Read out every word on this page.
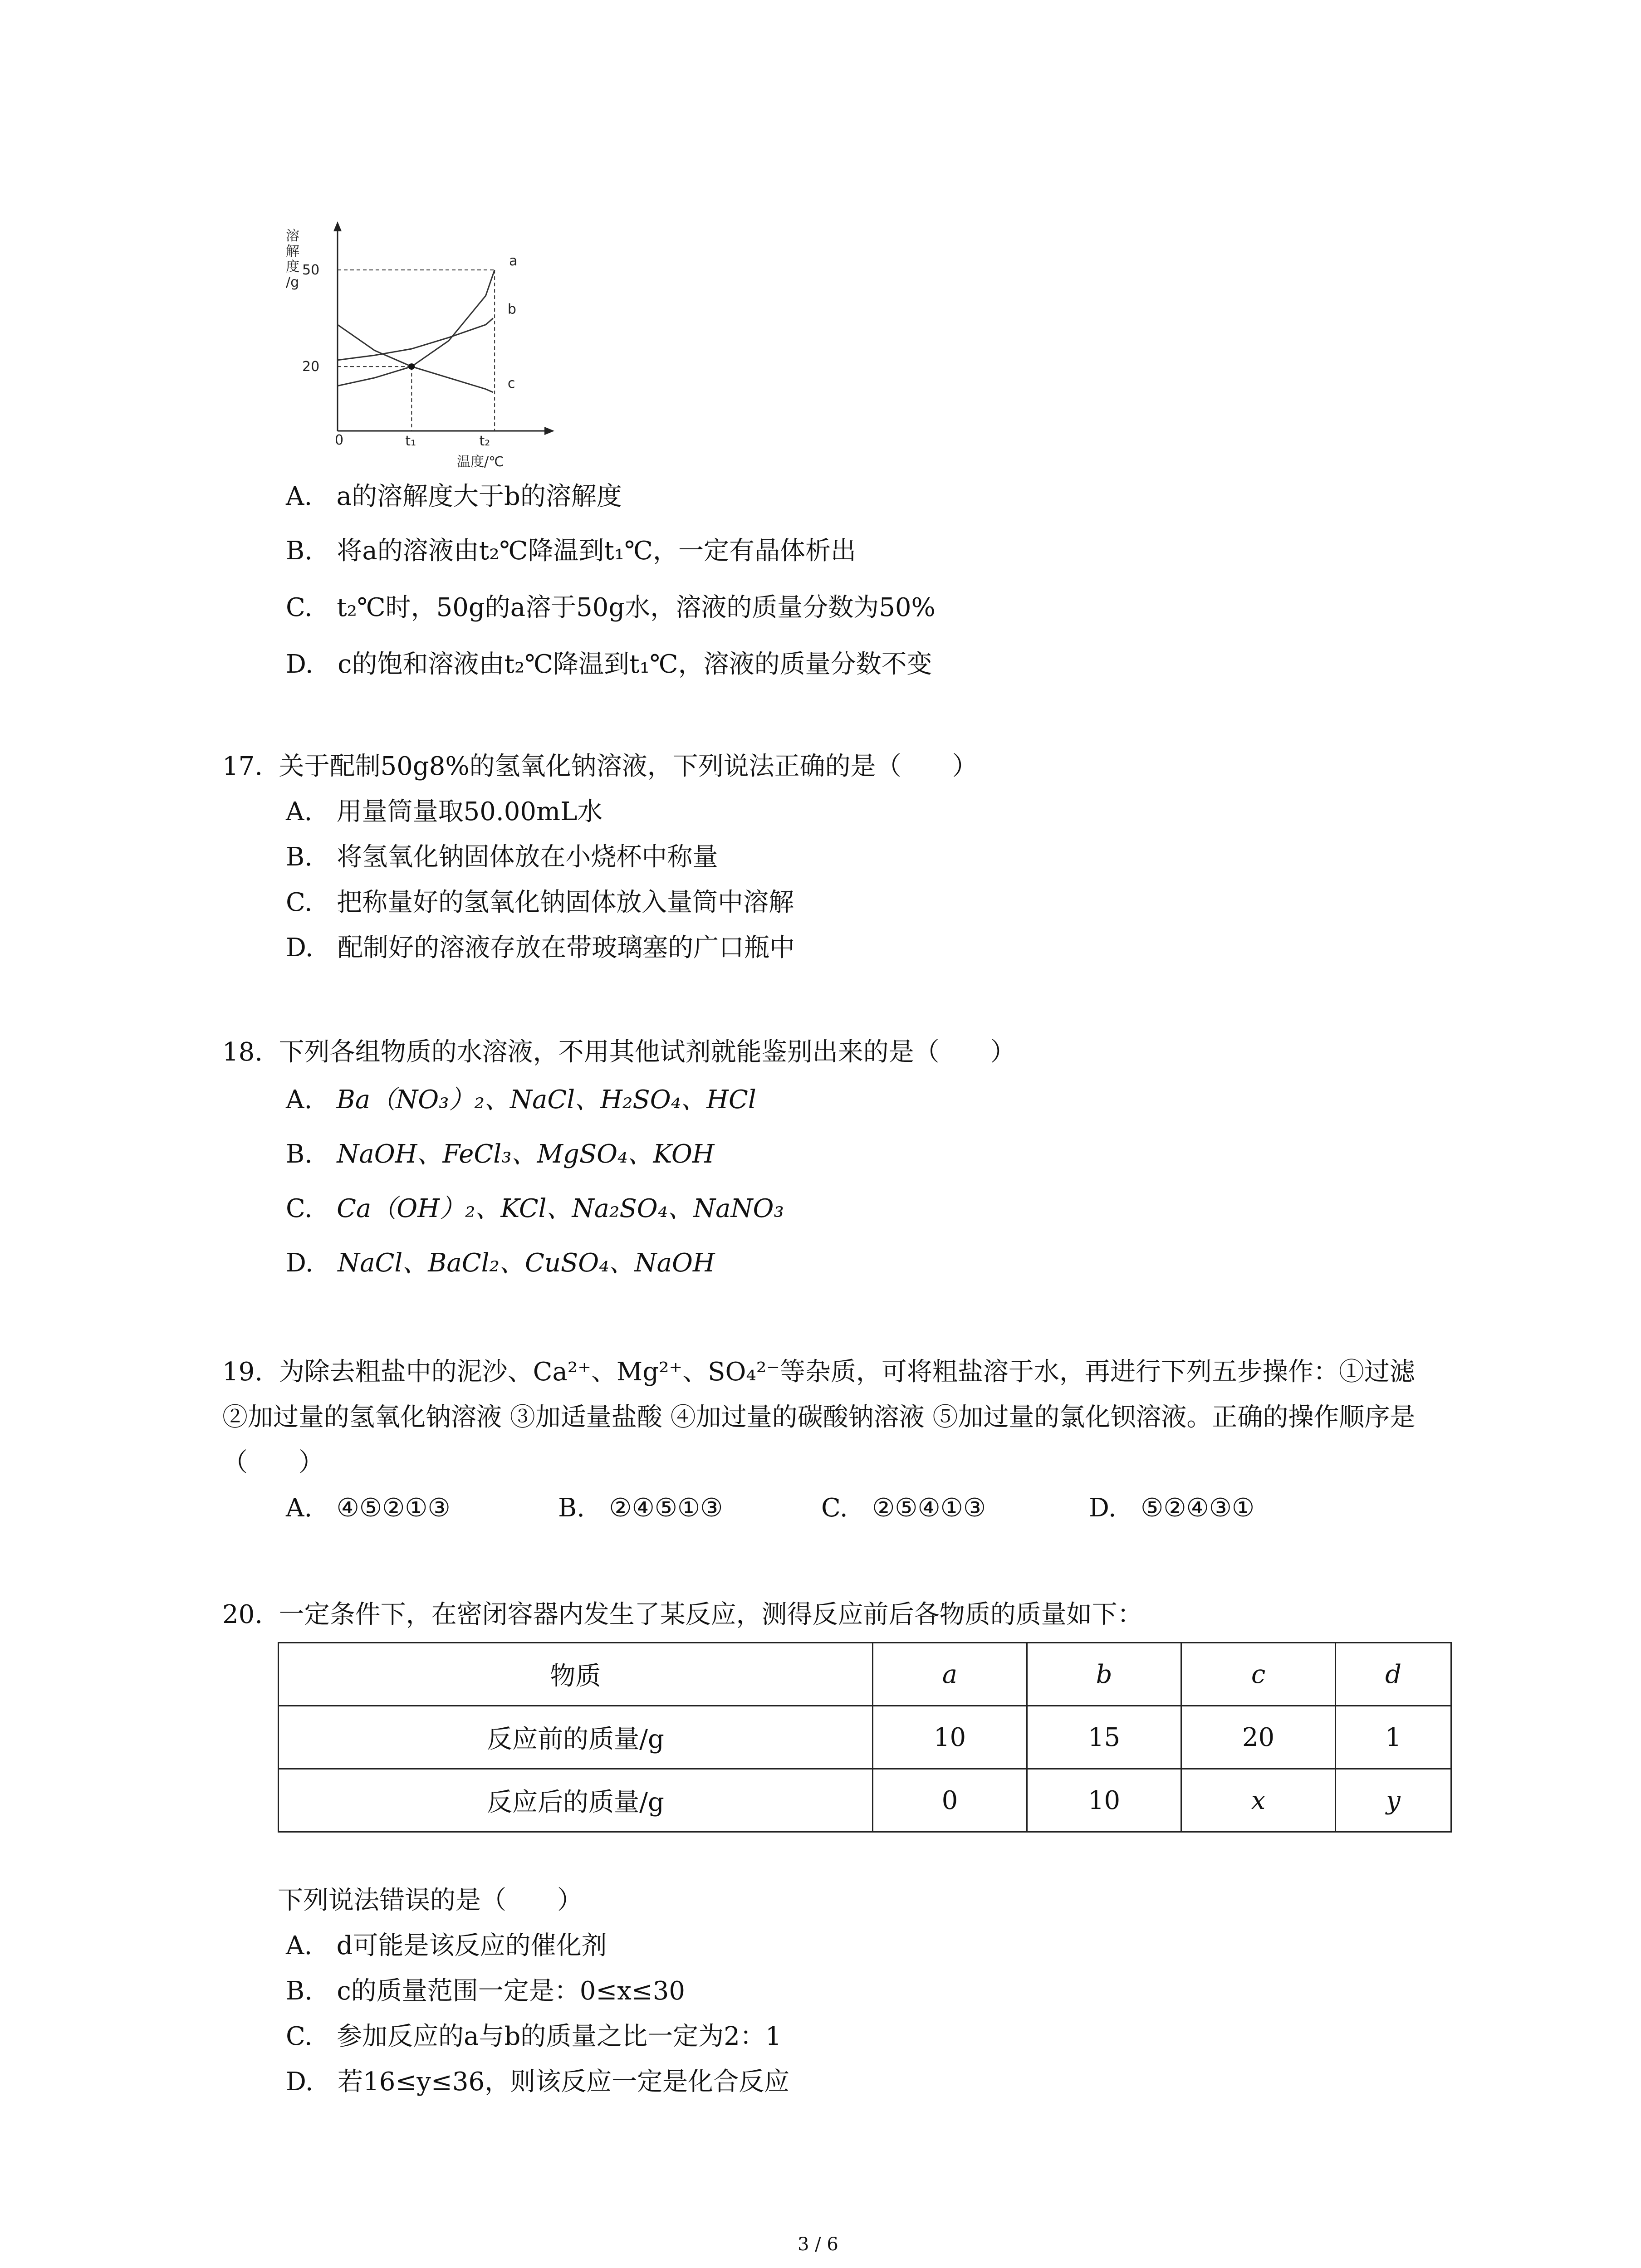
溶解度/g
温度/℃
0
20
50
t₁	t₂
a
b
c
A. a的溶解度大于b的溶解度
B. 将a的溶液由t₂℃降温到t₁℃，一定有晶体析出
C. t₂℃时，50g的a溶于50g水，溶液的质量分数为50%
D. c的饱和溶液由t₂℃降温到t₁℃，溶液的质量分数不变
17. 关于配制50g8%的氢氧化钠溶液，下列说法正确的是（　　）
A. 用量筒量取50.00mL水
B. 将氢氧化钠固体放在小烧杯中称量
C. 把称量好的氢氧化钠固体放入量筒中溶解
D. 配制好的溶液存放在带玻璃塞的广口瓶中
18. 下列各组物质的水溶液，不用其他试剂就能鉴别出来的是（　　）
A. Ba（NO₃）₂、NaCl、H₂SO₄、HCl
B. NaOH、FeCl₃、MgSO₄、KOH
C. Ca（OH）₂、KCl、Na₂SO₄、NaNO₃
D. NaCl、BaCl₂、CuSO₄、NaOH
19. 为除去粗盐中的泥沙、Ca²⁺、Mg²⁺、SO₄²⁻等杂质，可将粗盐溶于水，再进行下列五步操作：①过滤 ②加过量的氢氧化钠溶液 ③加适量盐酸 ④加过量的碳酸钠溶液 ⑤加过量的氯化钡溶液。正确的操作顺序是（　　）
A. ④⑤②①③	B. ②④⑤①③	C. ②⑤④①③	D. ⑤②④③①
20. 一定条件下，在密闭容器内发生了某反应，测得反应前后各物质的质量如下：
物质	a	b	c	d
反应前的质量/g	10	15	20	1
反应后的质量/g	0	10	x	y
下列说法错误的是（　　）
A. d可能是该反应的催化剂
B. c的质量范围一定是：0≤x≤30
C. 参加反应的a与b的质量之比一定为2：1
D. 若16≤y≤36，则该反应一定是化合反应
3 / 6
